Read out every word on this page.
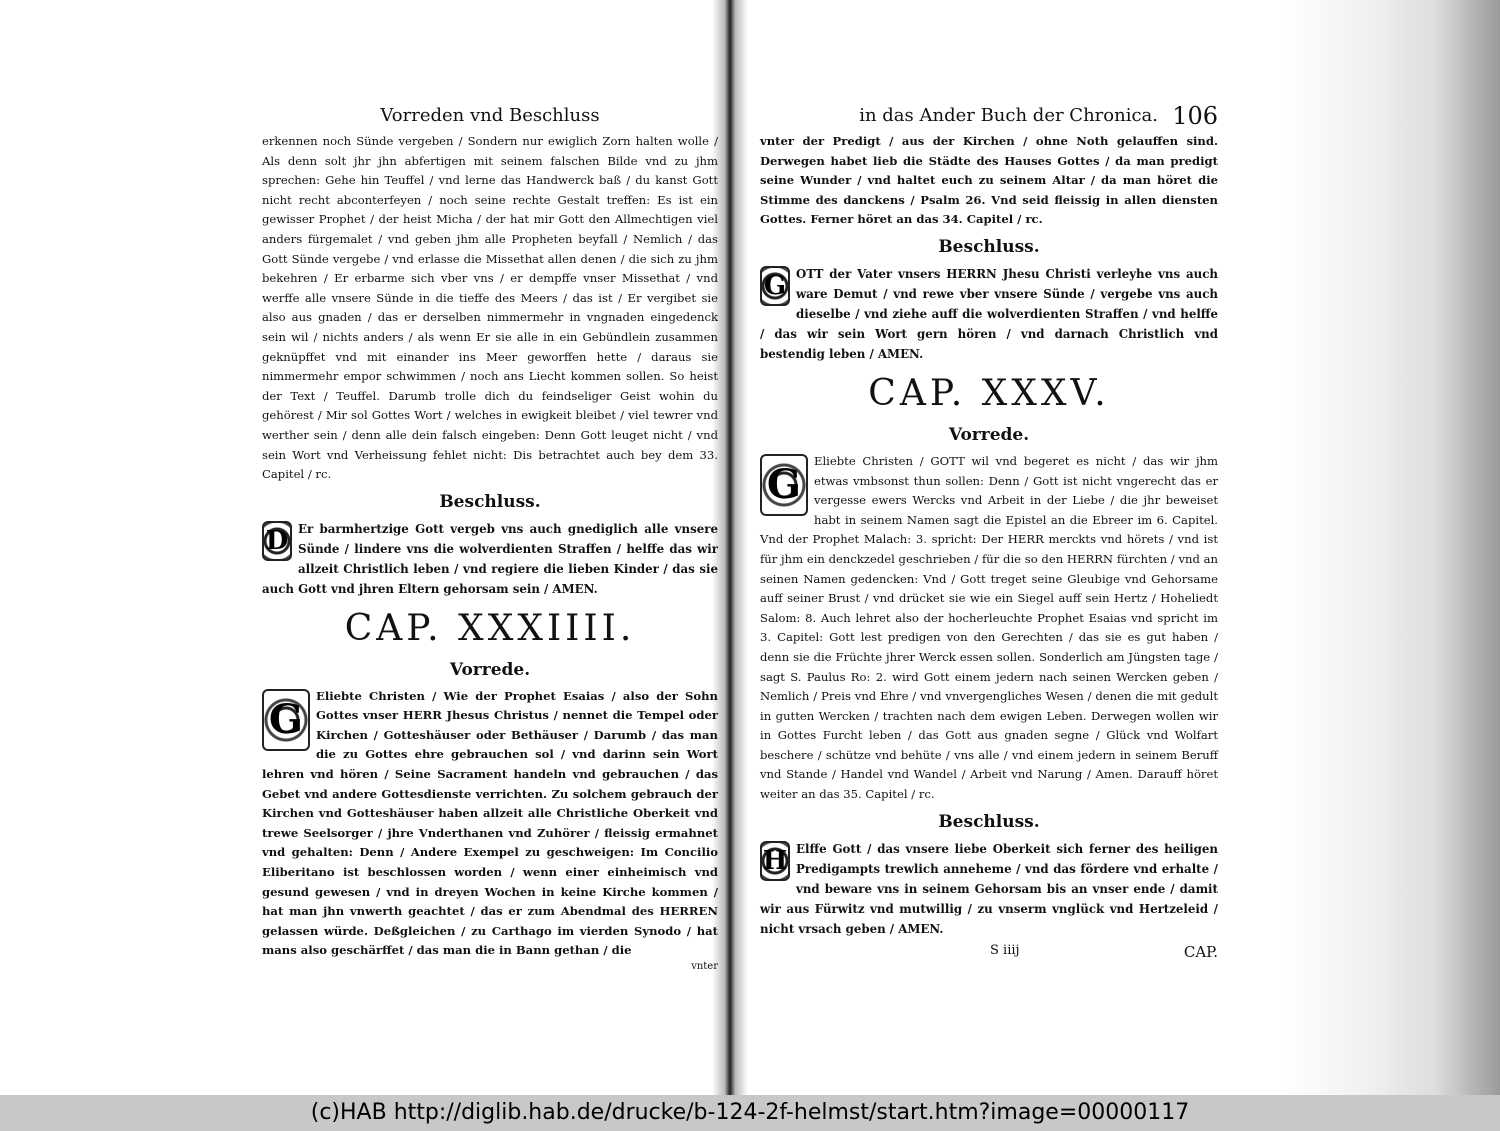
Vorreden vnd Beschluss

erkennen noch Sünde vergeben / Sondern nur ewiglich Zorn halten wolle / Als denn solt jhr jhn abfertigen mit seinem falschen Bilde vnd zu jhm sprechen: Gehe hin Teuffel / vnd lerne das Handwerck baß / du kanst Gott nicht recht abconterfeyen / noch seine rechte Gestalt treffen: Es ist ein gewisser Prophet / der heist Micha / der hat mir Gott den Allmechtigen viel anders fürgemalet / vnd geben jhm alle Propheten beyfall / Nemlich / das Gott Sünde vergebe / vnd erlasse die Missethat allen denen / die sich zu jhm bekehren / Er erbarme sich vber vns / er dempffe vnser Missethat / vnd werffe alle vnsere Sünde in die tieffe des Meers / das ist / Er vergibet sie also aus gnaden / das er derselben nimmermehr in vngnaden eingedenck sein wil / nichts anders / als wenn Er sie alle in ein Gebündlein zusammen geknüpffet vnd mit einander ins Meer geworffen hette / daraus sie nimmermehr empor schwimmen / noch ans Liecht kommen sollen. So heist der Text / Teuffel. Darumb trolle dich du feindseliger Geist wohin du gehörest / Mir sol Gottes Wort / welches in ewigkeit bleibet / viel tewrer vnd werther sein / denn alle dein falsch eingeben: Denn Gott leuget nicht / vnd sein Wort vnd Verheissung fehlet nicht: Dis betrachtet auch bey dem 33. Capitel / rc.

Beschluss.
D Er barmhertzige Gott vergeb vns auch gnediglich alle vnsere Sünde / lindere vns die wolverdienten Straffen / helffe das wir allzeit Christlich leben / vnd regiere die lieben Kinder / das sie auch Gott vnd jhren Eltern gehorsam sein / AMEN.

CAP. XXXIIII.
Vorrede.
G	Eliebte Christen / Wie der Prophet Esaias / also der Sohn Gottes vnser HERR Jhesus Christus / nennet die Tempel oder Kirchen / Gotteshäuser oder Bethäuser / Darumb / das man die zu Gottes ehre gebrauchen sol / vnd darinn sein Wort lehren vnd hören / Seine Sacrament handeln vnd gebrauchen / das Gebet vnd andere Gottesdienste verrichten. Zu solchem gebrauch der Kirchen vnd Gotteshäuser haben allzeit alle Christliche Oberkeit vnd trewe Seelsorger / jhre Vnderthanen vnd Zuhörer / fleissig ermahnet vnd gehalten: Denn / Andere Exempel zu geschweigen: Im Concilio Eliberitano ist beschlossen worden / wenn einer einheimisch vnd gesund gewesen / vnd in dreyen Wochen in keine Kirche kommen / hat man jhn vnwerth geachtet / das er zum Abendmal des HERREN gelassen würde. Deßgleichen / zu Carthago im vierden Synodo / hat mans also geschärffet / das man die in Bann gethan / die

vnter
in das Ander Buch der Chronica. 106

vnter der Predigt / aus der Kirchen / ohne Noth gelauffen sind. Derwegen habet lieb die Städte des Hauses Gottes / da man predigt seine Wunder / vnd haltet euch zu seinem Altar / da man höret die Stimme des danckens / Psalm 26. Vnd seid fleissig in allen diensten Gottes. Ferner höret an das 34. Capitel / rc.

Beschluss.
G OTT der Vater vnsers HERRN Jhesu Christi verleyhe vns auch ware Demut / vnd rewe vber vnsere Sünde / vergebe vns auch dieselbe / vnd ziehe auff die wolverdienten Straffen / vnd helffe / das wir sein Wort gern hören / vnd darnach Christlich vnd bestendig leben / AMEN.

CAP. XXXV.
Vorrede.
G	Eliebte Christen / GOTT wil vnd begeret es nicht / das wir jhm etwas vmbsonst thun sollen: Denn / Gott ist nicht vngerecht das er vergesse ewers Wercks vnd Arbeit in der Liebe / die jhr beweiset habt in seinem Namen sagt die Epistel an die Ebreer im 6. Capitel. Vnd der Prophet Malach: 3. spricht: Der HERR merckts vnd hörets / vnd ist für jhm ein denckzedel geschrieben / für die so den HERRN fürchten / vnd an seinen Namen gedencken: Vnd / Gott treget seine Gleubige vnd Gehorsame auff seiner Brust / vnd drücket sie wie ein Siegel auff sein Hertz / Hoheliedt Salom: 8. Auch lehret also der hocherleuchte Prophet Esaias vnd spricht im 3. Capitel: Gott lest predigen von den Gerechten / das sie es gut haben / denn sie die Früchte jhrer Werck essen sollen. Sonderlich am Jüngsten tage / sagt S. Paulus Ro: 2. wird Gott einem jedern nach seinen Wercken geben / Nemlich / Preis vnd Ehre / vnd vnvergengliches Wesen / denen die mit gedult in gutten Wercken / trachten nach dem ewigen Leben. Derwegen wollen wir in Gottes Furcht leben / das Gott aus gnaden segne / Glück vnd Wolfart beschere / schütze vnd behüte / vns alle / vnd einem jedern in seinem Beruff vnd Stande / Handel vnd Wandel / Arbeit vnd Narung / Amen. Darauff höret weiter an das 35. Capitel / rc.

Beschluss.
H Elffe Gott / das vnsere liebe Oberkeit sich ferner des heiligen Predigampts trewlich anneheme / vnd das fördere vnd erhalte / vnd beware vns in seinem Gehorsam bis an vnser ende / damit wir aus Fürwitz vnd mutwillig / zu vnserm vnglück vnd Hertzeleid / nicht vrsach geben / AMEN.

S iiij	CAP.
(c)HAB http://diglib.hab.de/drucke/b-124-2f-helmst/start.htm?image=00000117
